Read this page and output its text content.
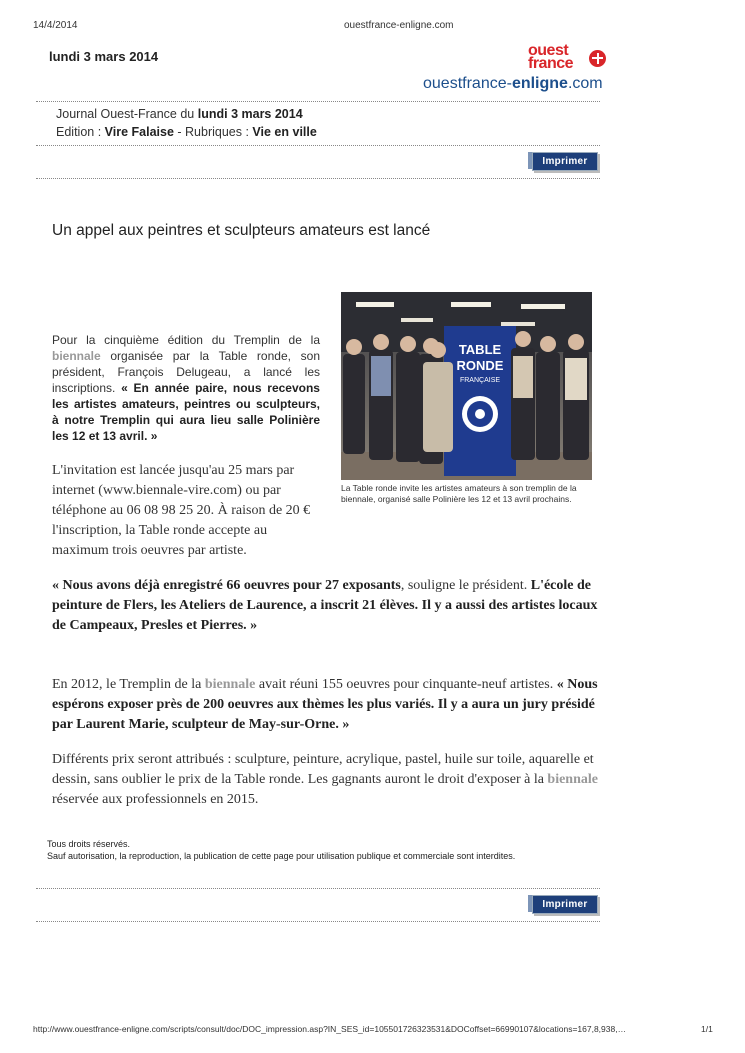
14/4/2014	ouestfrance-enligne.com
lundi 3 mars 2014	ouest
france
ouestfrance-enligne.com
Journal Ouest-France du lundi 3 mars 2014
Edition : Vire Falaise - Rubriques : Vie en ville
Imprimer
Un appel aux peintres et sculpteurs amateurs est lancé
TABLE
RONDE
FRANÇAISE
La Table ronde invite les artistes amateurs à son tremplin de la biennale, organisé salle Polinière les 12 et 13 avril prochains.
Pour la cinquième édition du Tremplin de la biennale organisée par la Table ronde, son président, François Delugeau, a lancé les inscriptions. « En année paire, nous recevons les artistes amateurs, peintres ou sculpteurs, à notre Tremplin qui aura lieu salle Polinière les 12 et 13 avril. »
L'invitation est lancée jusqu'au 25 mars par internet (www.biennale-vire.com) ou par téléphone au 06 08 98 25 20. À raison de 20 € l'inscription, la Table ronde accepte au maximum trois oeuvres par artiste.
« Nous avons déjà enregistré 66 oeuvres pour 27 exposants, souligne le président. L'école de peinture de Flers, les Ateliers de Laurence, a inscrit 21 élèves. Il y a aussi des artistes locaux de Campeaux, Presles et Pierres. »
En 2012, le Tremplin de la biennale avait réuni 155 oeuvres pour cinquante-neuf artistes. « Nous espérons exposer près de 200 oeuvres aux thèmes les plus variés. Il y a aura un jury présidé par Laurent Marie, sculpteur de May-sur-Orne. »
Différents prix seront attribués : sculpture, peinture, acrylique, pastel, huile sur toile, aquarelle et dessin, sans oublier le prix de la Table ronde. Les gagnants auront le droit d'exposer à la biennale réservée aux professionnels en 2015.
Tous droits réservés.
Sauf autorisation, la reproduction, la publication de cette page pour utilisation publique et commerciale sont interdites.
Imprimer
http://www.ouestfrance-enligne.com/scripts/consult/doc/DOC_impression.asp?IN_SES_id=105501726323531&DOCoffset=66990107&locations=167,8,938,…	1/1
